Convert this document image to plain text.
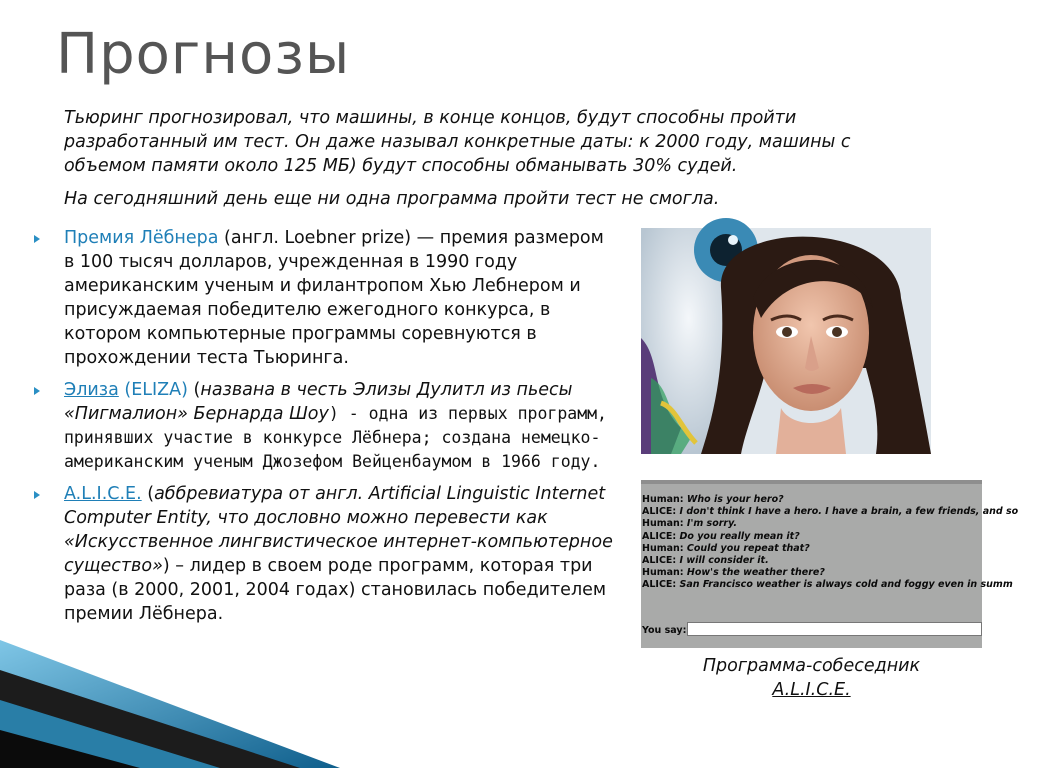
Прогнозы

Тьюринг прогнозировал, что машины, в конце концов, будут способны пройти разработанный им тест. Он даже называл конкретные даты: к 2000 году, машины с объемом памяти около 125 МБ) будут способны обманывать 30% судей.

На сегодняшний день еще ни одна программа пройти тест не смогла.

Премия Лёбнера (англ. Loebner prize) — премия размером в 100 тысяч долларов, учрежденная в 1990 году американским ученым и филантропом Хью Лебнером и присуждаемая победителю ежегодного конкурса, в котором компьютерные программы соревнуются в прохождении теста Тьюринга.
Элиза (ELIZA) (названа в честь Элизы Дулитл из пьесы «Пигмалион» Бернарда Шоу) - одна из первых программ, принявших участие в конкурсе Лёбнера; создана немецко-американским ученым Джозефом Вейценбаумом в 1966 году.
A.L.I.C.E. (аббревиатура от англ. Artificial Linguistic Internet Computer Entity, что дословно можно перевести как «Искусственное лингвистическое интернет-компьютерное существо») – лидер в своем роде программ, которая три раза (в 2000, 2001, 2004 годах) становилась победителем премии Лёбнера.
Human: Who is your hero?
ALICE: I don't think I have a hero. I have a brain, a few friends, and so
Human: I'm sorry.
ALICE: Do you really mean it?
Human: Could you repeat that?
ALICE: I will consider it.
Human: How's the weather there?
ALICE: San Francisco weather is always cold and foggy even in summ
You say:
Программа-собеседник
A.L.I.C.E.
